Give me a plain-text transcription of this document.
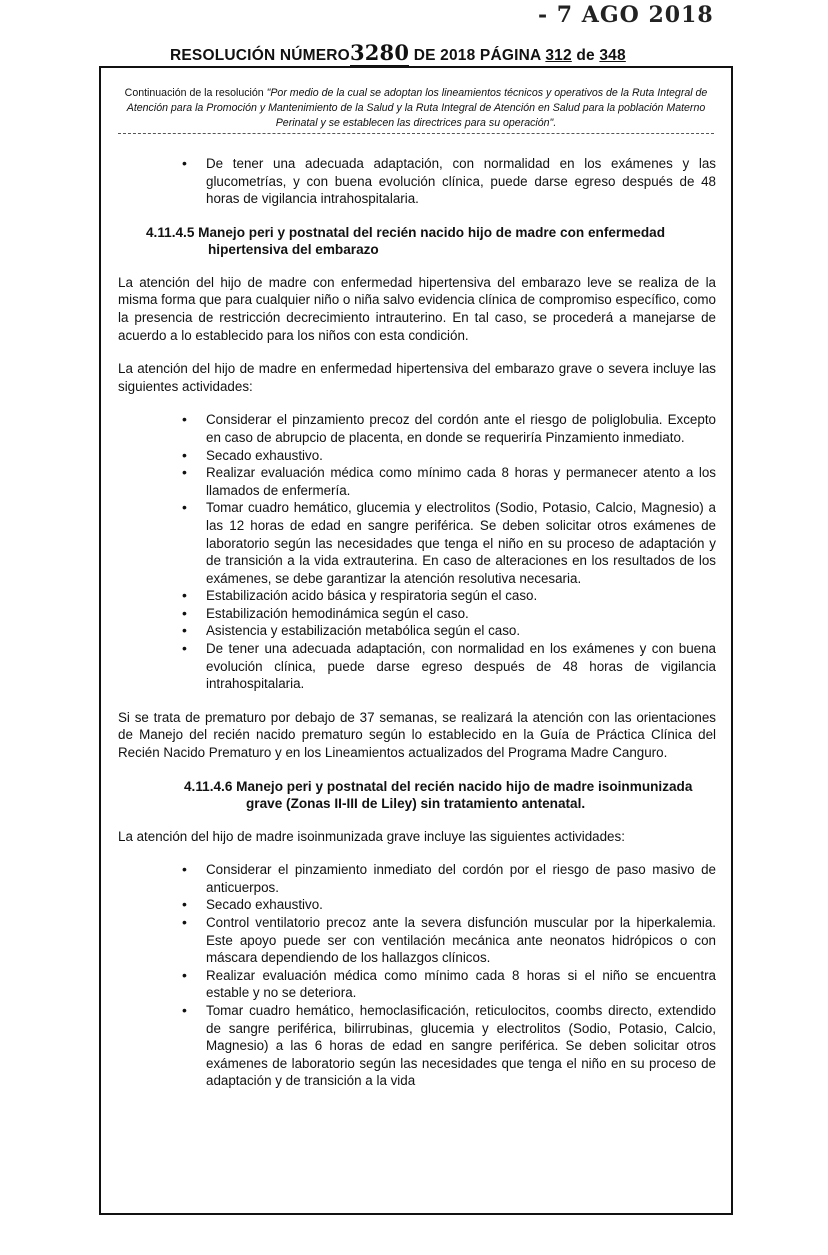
- 7 AGO 2018
RESOLUCIÓN NÚMERO3280 DE 2018 PÁGINA 312 de 348
Continuación de la resolución "Por medio de la cual se adoptan los lineamientos técnicos y operativos de la Ruta Integral de Atención para la Promoción y Mantenimiento de la Salud y la Ruta Integral de Atención en Salud para la población Materno Perinatal y se establecen las directrices para su operación".
• De tener una adecuada adaptación, con normalidad en los exámenes y las glucometrías, y con buena evolución clínica, puede darse egreso después de 48 horas de vigilancia intrahospitalaria.
4.11.4.5 Manejo peri y postnatal del recién nacido hijo de madre con enfermedad hipertensiva del embarazo

La atención del hijo de madre con enfermedad hipertensiva del embarazo leve se realiza de la misma forma que para cualquier niño o niña salvo evidencia clínica de compromiso específico, como la presencia de restricción decrecimiento intrauterino. En tal caso, se procederá a manejarse de acuerdo a lo establecido para los niños con esta condición.

La atención del hijo de madre en enfermedad hipertensiva del embarazo grave o severa incluye las siguientes actividades:

• Considerar el pinzamiento precoz del cordón ante el riesgo de poliglobulia. Excepto en caso de abrupcio de placenta, en donde se requeriría Pinzamiento inmediato.
• Secado exhaustivo.
• Realizar evaluación médica como mínimo cada 8 horas y permanecer atento a los llamados de enfermería.
• Tomar cuadro hemático, glucemia y electrolitos (Sodio, Potasio, Calcio, Magnesio) a las 12 horas de edad en sangre periférica. Se deben solicitar otros exámenes de laboratorio según las necesidades que tenga el niño en su proceso de adaptación y de transición a la vida extrauterina. En caso de alteraciones en los resultados de los exámenes, se debe garantizar la atención resolutiva necesaria.
• Estabilización acido básica y respiratoria según el caso.
• Estabilización hemodinámica según el caso.
• Asistencia y estabilización metabólica según el caso.
• De tener una adecuada adaptación, con normalidad en los exámenes y con buena evolución clínica, puede darse egreso después de 48 horas de vigilancia intrahospitalaria.

Si se trata de prematuro por debajo de 37 semanas, se realizará la atención con las orientaciones de Manejo del recién nacido prematuro según lo establecido en la Guía de Práctica Clínica del Recién Nacido Prematuro y en los Lineamientos actualizados del Programa Madre Canguro.

4.11.4.6 Manejo peri y postnatal del recién nacido hijo de madre isoinmunizada grave (Zonas II-III de Liley) sin tratamiento antenatal.

La atención del hijo de madre isoinmunizada grave incluye las siguientes actividades:

• Considerar el pinzamiento inmediato del cordón por el riesgo de paso masivo de anticuerpos.
• Secado exhaustivo.
• Control ventilatorio precoz ante la severa disfunción muscular por la hiperkalemia. Este apoyo puede ser con ventilación mecánica ante neonatos hidrópicos o con máscara dependiendo de los hallazgos clínicos.
• Realizar evaluación médica como mínimo cada 8 horas si el niño se encuentra estable y no se deteriora.
• Tomar cuadro hemático, hemoclasificación, reticulocitos, coombs directo, extendido de sangre periférica, bilirrubinas, glucemia y electrolitos (Sodio, Potasio, Calcio, Magnesio) a las 6 horas de edad en sangre periférica. Se deben solicitar otros exámenes de laboratorio según las necesidades que tenga el niño en su proceso de adaptación y de transición a la vida
